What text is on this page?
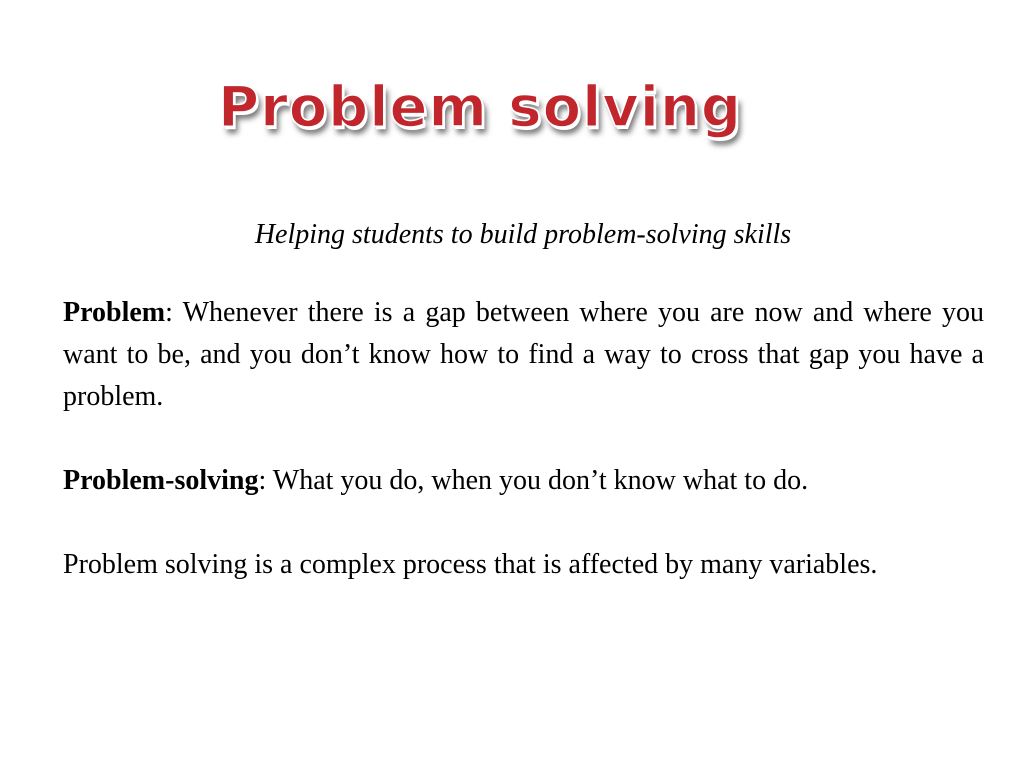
Problem solving
Helping students to build problem-solving skills

Problem: Whenever there is a gap between where you are now and where you want to be, and you don’t know how to find a way to cross that gap you have a problem.

Problem-solving: What you do, when you don’t know what to do.

Problem solving is a complex process that is affected by many variables.
